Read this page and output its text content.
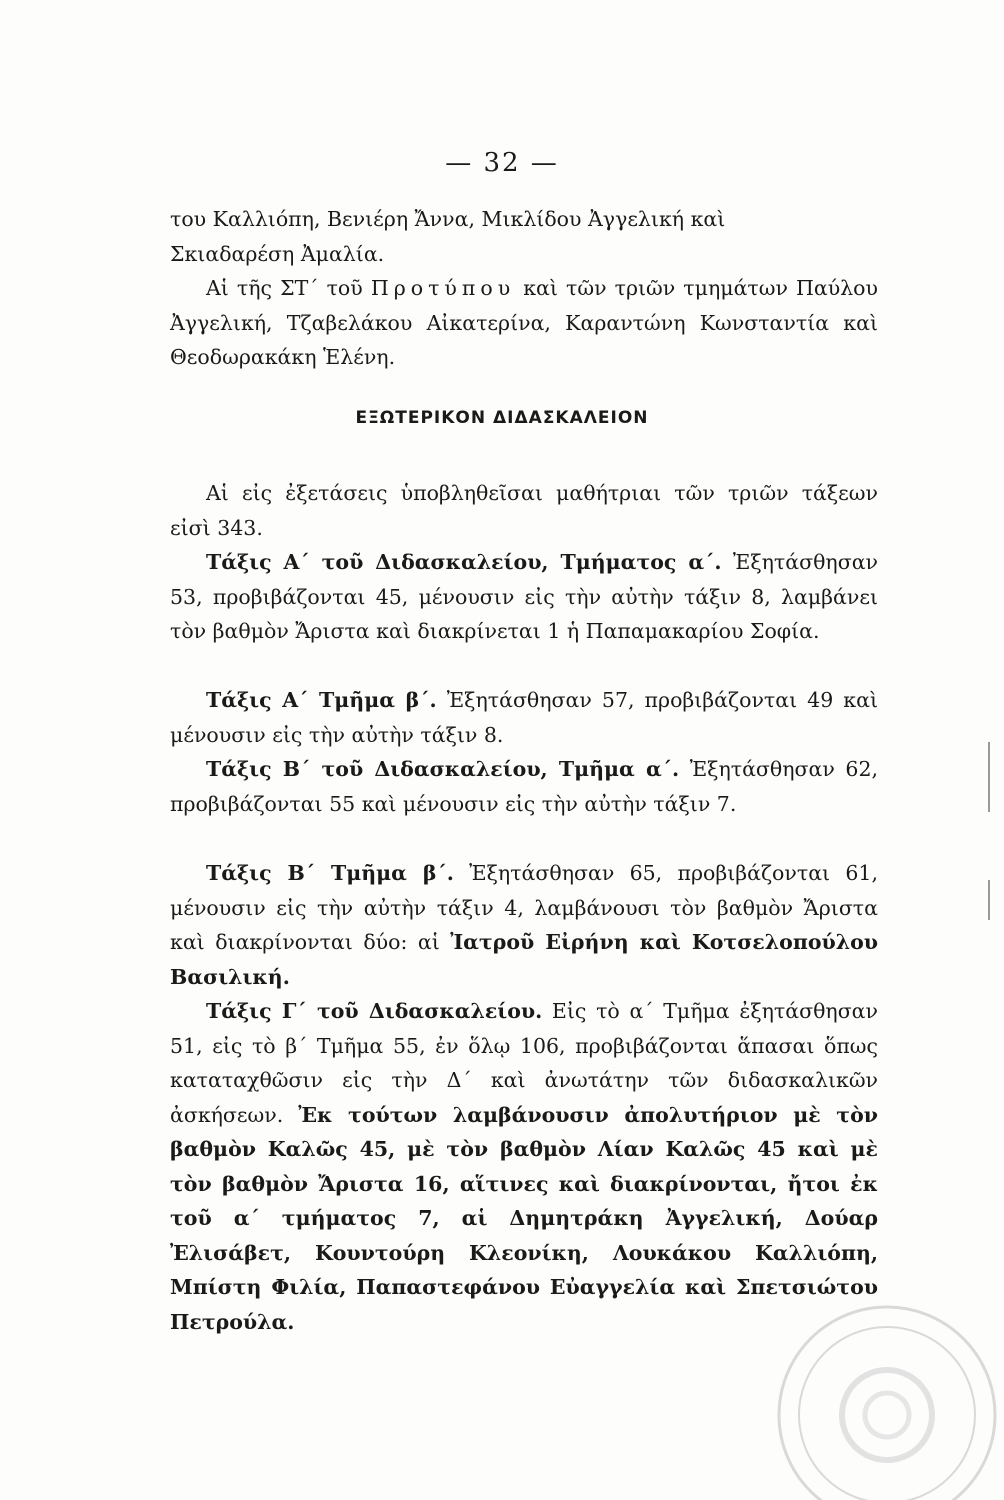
— 32 —

του Καλλιόπη, Βενιέρη Ἄννα, Μικλίδου Ἀγγελική καὶ
Σκιαδαρέση Ἀμαλία.

Αἱ τῆς ΣΤ΄ τοῦ Προτύπου καὶ τῶν τριῶν τμημάτων Παύλου Ἀγγελική, Τζαβελάκου Αἰκατερίνα, Καραντώνη Κωνσταντία καὶ Θεοδωρακάκη Ἑλένη.

ΕΞΩΤΕΡΙΚΟΝ ΔΙΔΑΣΚΑΛΕΙΟΝ

Αἱ εἰς ἐξετάσεις ὑποβληθεῖσαι μαθήτριαι τῶν τριῶν τάξεων εἰσὶ 343.

Τάξις Α΄ τοῦ Διδασκαλείου, Τμήματος α΄. Ἐξητάσθησαν 53, προβιβάζονται 45, μένουσιν εἰς τὴν αὐτὴν τάξιν 8, λαμβάνει τὸν βαθμὸν Ἄριστα καὶ διακρίνεται 1 ἡ Παπαμακαρίου Σοφία.

Τάξις Α΄ Τμῆμα β΄. Ἐξητάσθησαν 57, προβιβάζονται 49 καὶ μένουσιν εἰς τὴν αὐτὴν τάξιν 8.

Τάξις Β΄ τοῦ Διδασκαλείου, Τμῆμα α΄. Ἐξητάσθησαν 62, προβιβάζονται 55 καὶ μένουσιν εἰς τὴν αὐτὴν τάξιν 7.

Τάξις Β΄ Τμῆμα β΄. Ἐξητάσθησαν 65, προβιβάζονται 61, μένουσιν εἰς τὴν αὐτὴν τάξιν 4, λαμβάνουσι τὸν βαθμὸν Ἄριστα καὶ διακρίνονται δύο: αἱ Ἰατροῦ Εἰρήνη καὶ Κοτσελοπούλου Βασιλική.

Τάξις Γ΄ τοῦ Διδασκαλείου. Εἰς τὸ α΄ Τμῆμα ἐξητάσθησαν 51, εἰς τὸ β΄ Τμῆμα 55, ἐν ὅλῳ 106, προβιβάζονται ἅπασαι ὅπως καταταχθῶσιν εἰς τὴν Δ΄ καὶ ἀνωτάτην τῶν διδασκαλικῶν ἀσκήσεων. Ἐκ τούτων λαμβάνουσιν ἀπολυτήριον μὲ τὸν βαθμὸν Καλῶς 45, μὲ τὸν βαθμὸν Λίαν Καλῶς 45 καὶ μὲ τὸν βαθμὸν Ἄριστα 16, αἵτινες καὶ διακρίνονται, ἤτοι ἐκ τοῦ α΄ τμήματος 7, αἱ Δημητράκη Ἀγγελική, Δούαρ Ἐλισάβετ, Κουντούρη Κλεονίκη, Λουκάκου Καλλιόπη, Μπίστη Φιλία, Παπαστεφάνου Εὐαγγελία καὶ Σπετσιώτου Πετρούλα.
